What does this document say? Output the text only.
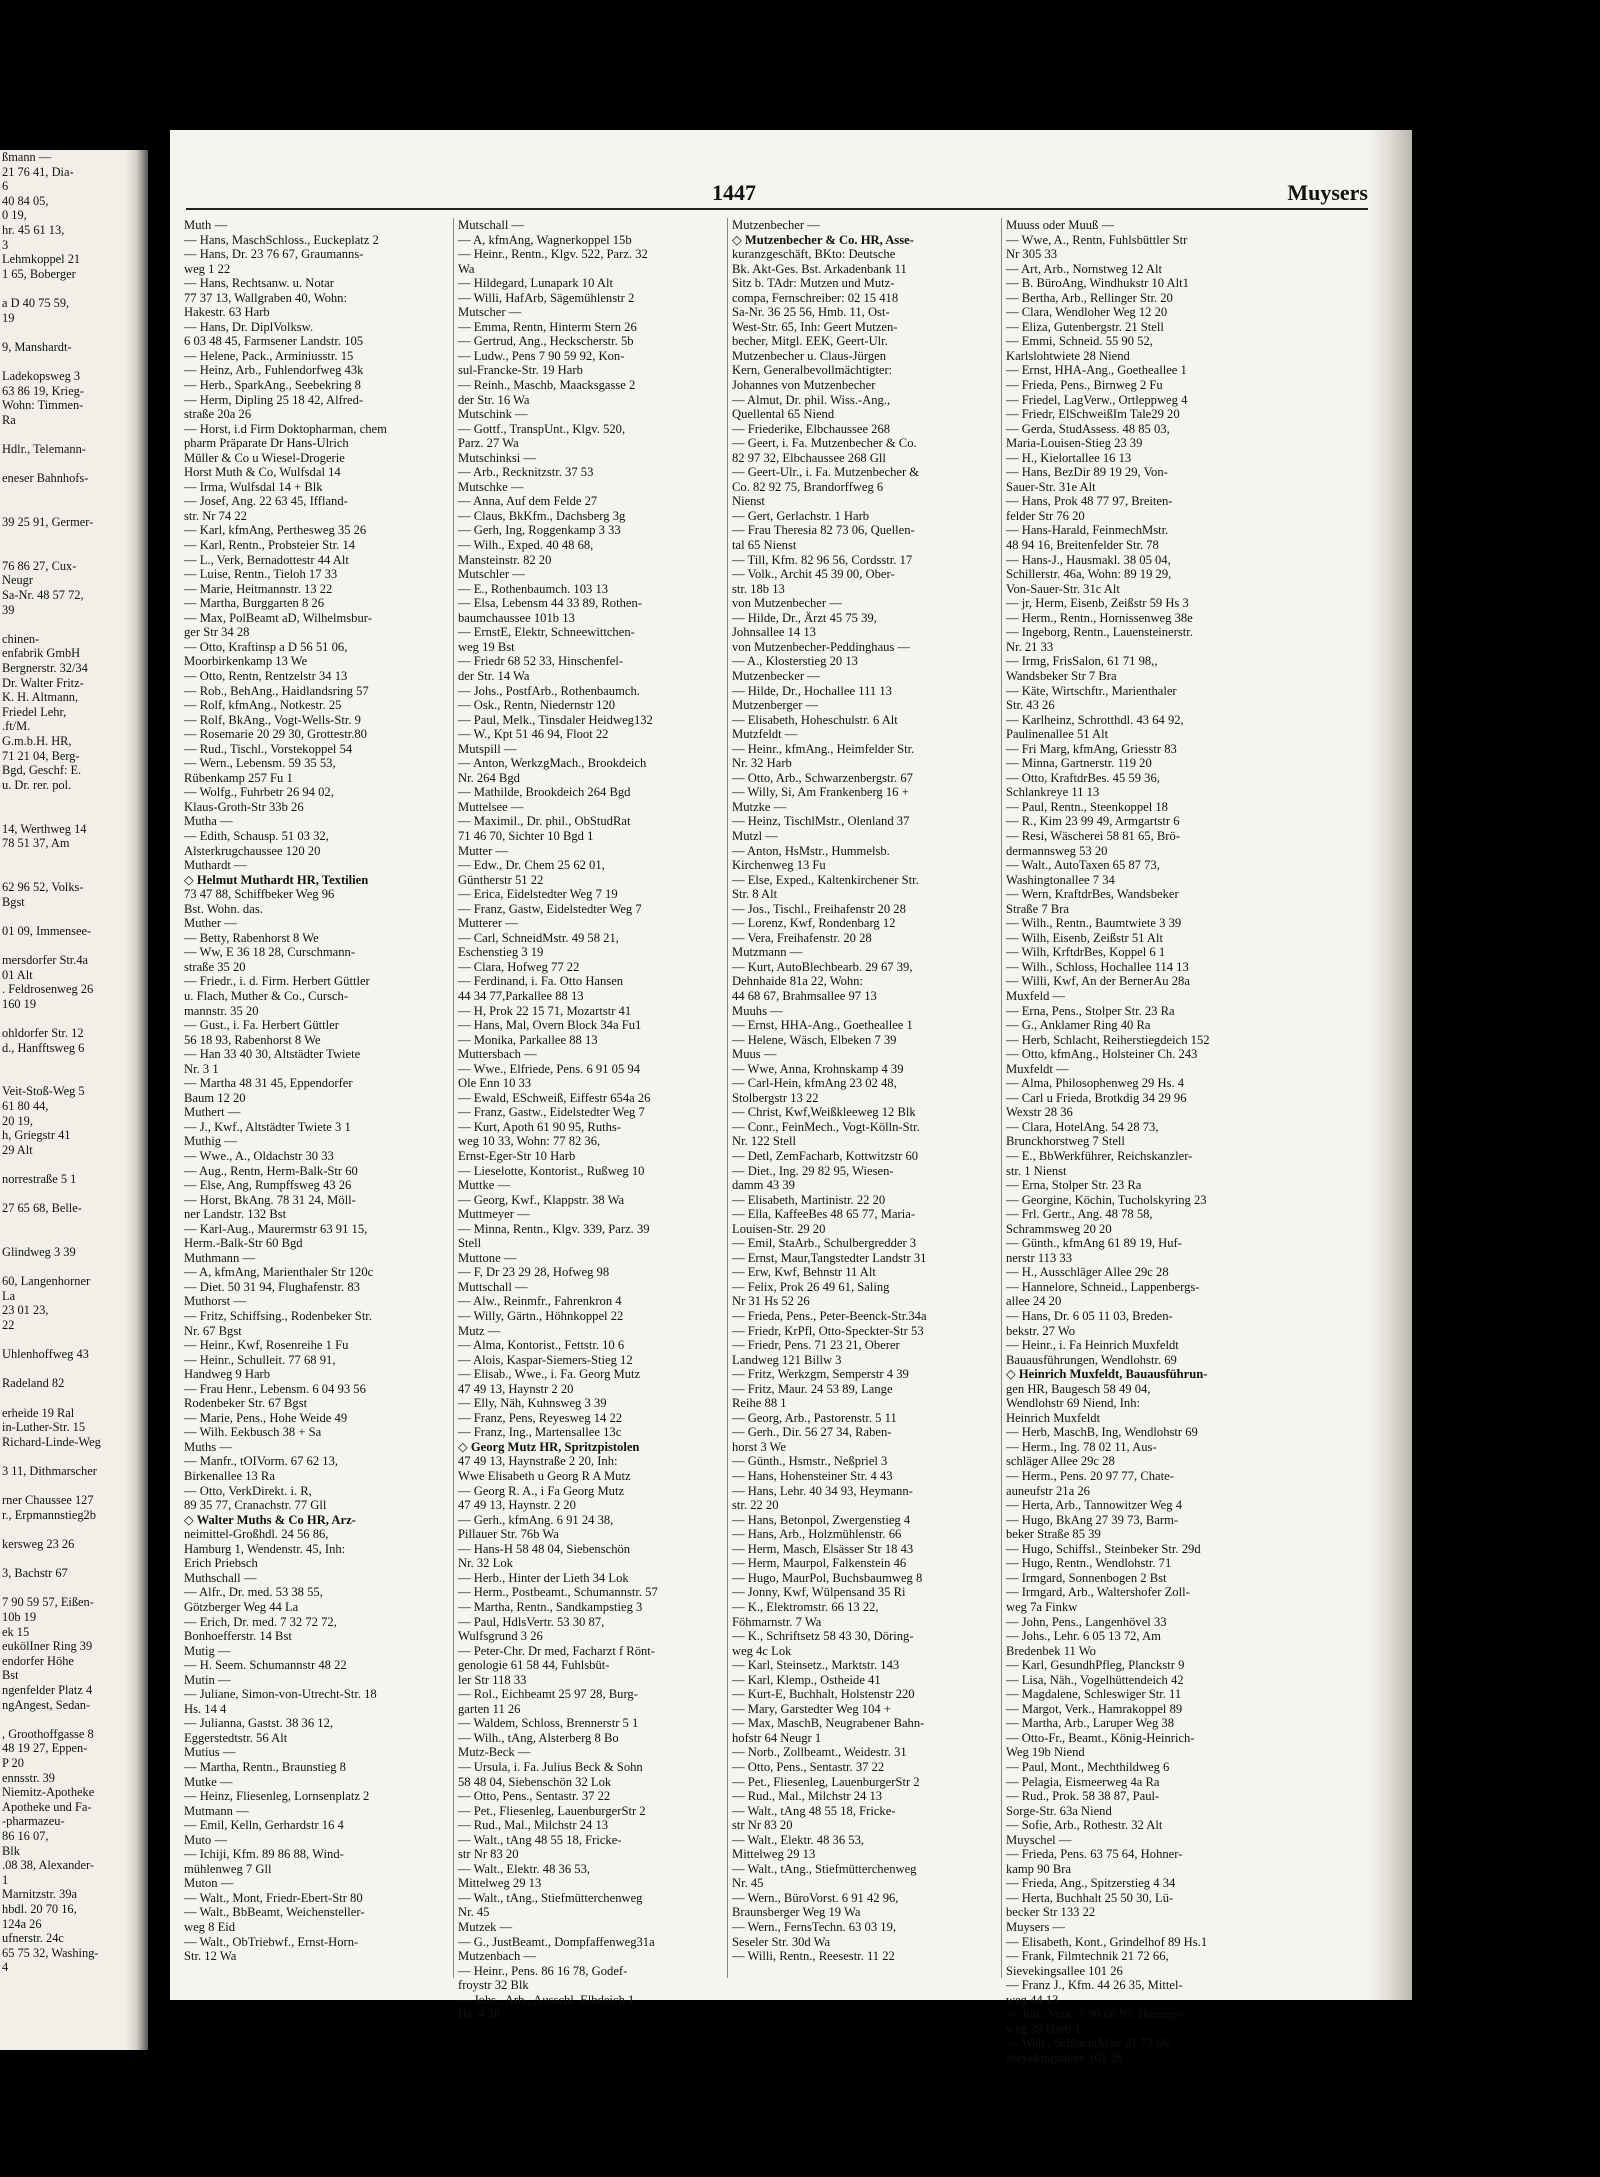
ßmann —
21 76 41, Dia-
6
40 84 05,
0 19,
hr. 45 61 13,
3
Lehmkoppel 21
1 65, Boberger
a D 40 75 59,
19
9, Manshardt-
Ladekopsweg 3
63 86 19, Krieg-
Wohn: Timmen-
Ra
Hdlr., Telemann-
eneser Bahnhofs-
39 25 91, Germer-
76 86 27, Cux-
Neugr
Sa-Nr. 48 57 72,
39
chinen-
enfabrik GmbH
Bergnerstr. 32/34
Dr. Walter Fritz-
K. H. Altmann,
Friedel Lehr,
.ft/M.
G.m.b.H. HR,
71 21 04, Berg-
Bgd, Geschf: E.
u. Dr. rer. pol.
14, Werthweg 14
78 51 37, Am
62 96 52, Volks-
Bgst
01 09, Immensee-
mersdorfer Str.4a
01 Alt
. Feldrosenweg 26
160 19
ohldorfer Str. 12
d., Hanfftsweg 6
Veit-Stoß-Weg 5
61 80 44,
20 19,
h, Griegstr 41
29 Alt
norrestraße 5 1
27 65 68, Belle-
Glindweg 3 39
60, Langenhorner
La
23 01 23,
22
Uhlenhoffweg 43
Radeland 82
erheide 19 Ral
in-Luther-Str. 15
Richard-Linde-Weg
3 11, Dithmarscher
rner Chaussee 127
r., Erpmannstieg2b
kersweg 23 26
3, Bachstr 67
7 90 59 57, Eißen-
10b 19
ek 15
eukölIner Ring 39
endorfer Höhe
Bst
ngenfelder Platz 4
ngAngest, Sedan-
, Groothoffgasse 8
48 19 27, Eppen-
P 20
ennsstr. 39
Niemitz-Apotheke
Apotheke und Fa-
-pharmazeu-
86 16 07,
Blk
.08 38, Alexander-
1
Marnitzstr. 39a
hbdl. 20 70 16,
124a 26
ufnerstr. 24c
65 75 32, Washing-
4
1447	Muysers
Muth —
— Hans, MaschSchloss., Euckeplatz 2
— Hans, Dr. 23 76 67, Graumanns-
weg 1 22
— Hans, Rechtsanw. u. Notar
77 37 13, Wallgraben 40, Wohn:
Hakestr. 63 Harb
— Hans, Dr. DiplVolksw.
6 03 48 45, Farmsener Landstr. 105
— Helene, Pack., Arminiusstr. 15
— Heinz, Arb., Fuhlendorfweg 43k
— Herb., SparkAng., Seebekring 8
— Herm, Dipling 25 18 42, Alfred-
straße 20a 26
— Horst, i.d Firm Doktopharman, chem
pharm Präparate Dr Hans-Ulrich
Müller & Co u Wiesel-Drogerie
Horst Muth & Co, Wulfsdal 14
— Irma, Wulfsdal 14 + Blk
— Josef, Ang. 22 63 45, Iffland-
str. Nr 74 22
— Karl, kfmAng, Perthesweg 35 26
— Karl, Rentn., Probsteier Str. 14
— L., Verk, Bernadottestr 44 Alt
— Luise, Rentn., Tieloh 17 33
— Marie, Heitmannstr. 13 22
— Martha, Burggarten 8 26
— Max, PolBeamt aD, Wilhelmsbur-
ger Str 34 28
— Otto, Kraftinsp a D 56 51 06,
Moorbirkenkamp 13 We
— Otto, Rentn, Rentzelstr 34 13
— Rob., BehAng., Haidlandsring 57
— Rolf, kfmAng., Notkestr. 25
— Rolf, BkAng., Vogt-Wells-Str. 9
— Rosemarie 20 29 30, Grottestr.80
— Rud., Tischl., Vorstekoppel 54
— Wern., Lebensm. 59 35 53,
Rübenkamp 257 Fu 1
— Wolfg., Fuhrbetr 26 94 02,
Klaus-Groth-Str 33b 26
Mutha —
— Edith, Schausp. 51 03 32,
Alsterkrugchaussee 120 20
Muthardt —
◇ Helmut Muthardt HR, Textilien
73 47 88, Schiffbeker Weg 96
Bst. Wohn. das.
Muther —
— Betty, Rabenhorst 8 We
— Ww, E 36 18 28, Curschmann-
straße 35 20
— Friedr., i. d. Firm. Herbert Güttler
u. Flach, Muther & Co., Cursch-
mannstr. 35 20
— Gust., i. Fa. Herbert Güttler
56 18 93, Rabenhorst 8 We
— Han 33 40 30, Altstädter Twiete
Nr. 3 1
— Martha 48 31 45, Eppendorfer
Baum 12 20
Muthert —
— J., Kwf., Altstädter Twiete 3 1
Muthig —
— Wwe., A., Oldachstr 30 33
— Aug., Rentn, Herm-Balk-Str 60
— Else, Ang, Rumpffsweg 43 26
— Horst, BkAng. 78 31 24, Möll-
ner Landstr. 132 Bst
— Karl-Aug., Maurermstr 63 91 15,
Herm.-Balk-Str 60 Bgd
Muthmann —
— A, kfmAng, Marienthaler Str 120c
— Diet. 50 31 94, Flughafenstr. 83
Muthorst —
— Fritz, Schiffsing., Rodenbeker Str.
Nr. 67 Bgst
— Heinr., Kwf, Rosenreihe 1 Fu
— Heinr., Schulleit. 77 68 91,
Handweg 9 Harb
— Frau Henr., Lebensm. 6 04 93 56
Rodenbeker Str. 67 Bgst
— Marie, Pens., Hohe Weide 49
— Wilh. Eekbusch 38 + Sa
Muths —
— Manfr., tOIVorm. 67 62 13,
Birkenallee 13 Ra
— Otto, VerkDirekt. i. R,
89 35 77, Cranachstr. 77 Gll
◇ Walter Muths & Co HR, Arz-
neimittel-Großhdl. 24 56 86,
Hamburg 1, Wendenstr. 45, Inh:
Erich Priebsch
Muthschall —
— Alfr., Dr. med. 53 38 55,
Götzberger Weg 44 La
— Erich, Dr. med. 7 32 72 72,
Bonhoefferstr. 14 Bst
Mutig —
— H. Seem. Schumannstr 48 22
Mutin —
— Juliane, Simon-von-Utrecht-Str. 18
Hs. 14 4
— Julianna, Gastst. 38 36 12,
Eggerstedtstr. 56 Alt
Mutius —
— Martha, Rentn., Braunstieg 8
Mutke —
— Heinz, Fliesenleg, Lornsenplatz 2
Mutmann —
— Emil, Kelln, Gerhardstr 16 4
Muto —
— Ichiji, Kfm. 89 86 88, Wind-
mühlenweg 7 Gll
Muton —
— Walt., Mont, Friedr-Ebert-Str 80
— Walt., BbBeamt, Weichensteller-
weg 8 Eid
— Walt., ObTriebwf., Ernst-Horn-
Str. 12 Wa
Mutschall —
— A, kfmAng, Wagnerkoppel 15b
— Heinr., Rentn., Klgv. 522, Parz. 32
Wa
— Hildegard, Lunapark 10 Alt
— Willi, HafArb, Sägemühlenstr 2
Mutscher —
— Emma, Rentn, Hinterm Stern 26
— Gertrud, Ang., Heckscherstr. 5b
— Ludw., Pens 7 90 59 92, Kon-
sul-Francke-Str. 19 Harb
— Reinh., Maschb, Maacksgasse 2
der Str. 16 Wa
Mutschink —
— Gottf., TranspUnt., Klgv. 520,
Parz. 27 Wa
Mutschinksi —
— Arb., Recknitzstr. 37 53
Mutschke —
— Anna, Auf dem Felde 27
— Claus, BkKfm., Dachsberg 3g
— Gerh, Ing, Roggenkamp 3 33
— Wilh., Exped. 40 48 68,
Mansteinstr. 82 20
Mutschler —
— E., Rothenbaumch. 103 13
— Elsa, Lebensm 44 33 89, Rothen-
baumchaussee 101b 13
— ErnstE, Elektr, Schneewittchen-
weg 19 Bst
— Friedr 68 52 33, Hinschenfel-
der Str. 14 Wa
— Johs., PostfArb., Rothenbaumch.
— Osk., Rentn, Niedernstr 120
— Paul, Melk., Tinsdaler Heidweg132
— W., Kpt 51 46 94, Floot 22
Mutspill —
— Anton, WerkzgMach., Brookdeich
Nr. 264 Bgd
— Mathilde, Brookdeich 264 Bgd
Muttelsee —
— Maximil., Dr. phil., ObStudRat
71 46 70, Sichter 10 Bgd 1
Mutter —
— Edw., Dr. Chem 25 62 01,
Güntherstr 51 22
— Erica, Eidelstedter Weg 7 19
— Franz, Gastw, Eidelstedter Weg 7
Mutterer —
— Carl, SchneidMstr. 49 58 21,
Eschenstieg 3 19
— Clara, Hofweg 77 22
— Ferdinand, i. Fa. Otto Hansen
44 34 77,Parkallee 88 13
— H, Prok 22 15 71, Mozartstr 41
— Hans, Mal, Overn Block 34a Fu1
— Monika, Parkallee 88 13
Muttersbach —
— Wwe., Elfriede, Pens. 6 91 05 94
Ole Enn 10 33
— Ewald, ESchweiß, Eiffestr 654a 26
— Franz, Gastw., Eidelstedter Weg 7
— Kurt, Apoth 61 90 95, Ruths-
weg 10 33, Wohn: 77 82 36,
Ernst-Eger-Str 10 Harb
— Lieselotte, Kontorist., Rußweg 10
Muttke —
— Georg, Kwf., Klappstr. 38 Wa
Muttmeyer —
— Minna, Rentn., Klgv. 339, Parz. 39
Stell
Muttone —
— F, Dr 23 29 28, Hofweg 98
Muttschall —
— Alw., Reinmfr., Fahrenkron 4
— Willy, Gärtn., Höhnkoppel 22
Mutz —
— Alma, Kontorist., Fettstr. 10 6
— Alois, Kaspar-Siemers-Stieg 12
— Elisab., Wwe., i. Fa. Georg Mutz
47 49 13, Haynstr 2 20
— Elly, Näh, Kuhnsweg 3 39
— Franz, Pens, Reyesweg 14 22
— Franz, Ing., Martensallee 13c
◇ Georg Mutz HR, Spritzpistolen
47 49 13, Haynstraße 2 20, Inh:
Wwe Elisabeth u Georg R A Mutz
— Georg R. A., i Fa Georg Mutz
47 49 13, Haynstr. 2 20
— Gerh., kfmAng. 6 91 24 38,
Pillauer Str. 76b Wa
— Hans-H 58 48 04, Siebenschön
Nr. 32 Lok
— Herb., Hinter der Lieth 34 Lok
— Herm., Postbeamt., Schumannstr. 57
— Martha, Rentn., Sandkampstieg 3
— Paul, HdlsVertr. 53 30 87,
Wulfsgrund 3 26
— Peter-Chr. Dr med, Facharzt f Rönt-
genologie 61 58 44, Fuhlsbüt-
ler Str 118 33
— Rol., Eichbeamt 25 97 28, Burg-
garten 11 26
— Waldem, Schloss, Brennerstr 5 1
— Wilh., tAng, Alsterberg 8 Bo
Mutz-Beck —
— Ursula, i. Fa. Julius Beck & Sohn
58 48 04, Siebenschön 32 Lok
— Otto, Pens., Sentastr. 37 22
— Pet., Fliesenleg, LauenburgerStr 2
— Rud., Mal., Milchstr 24 13
— Walt., tAng 48 55 18, Fricke-
str Nr 83 20
— Walt., Elektr. 48 36 53,
Mittelweg 29 13
— Walt., tAng., Stiefmütterchenweg
Nr. 45
Mutzek —
— G., JustBeamt., Dompfaffenweg31a
Mutzenbach —
— Heinr., Pens. 86 16 78, Godef-
froystr 32 Blk
— Johs., Arb., Ausschl. Elbdeich 1
Hs. 4 28
Mutzenbecher —
◇ Mutzenbecher & Co. HR, Asse-
kuranzgeschäft, BKto: Deutsche
Bk. Akt-Ges. Bst. Arkadenbank 11
Sitz b. TAdr: Mutzen und Mutz-
compa, Fernschreiber: 02 15 418
Sa-Nr. 36 25 56, Hmb. 11, Ost-
West-Str. 65, Inh: Geert Mutzen-
becher, Mitgl. EEK, Geert-Ulr.
Mutzenbecher u. Claus-Jürgen
Kern, Generalbevollmächtigter:
Johannes von Mutzenbecher
— Almut, Dr. phil. Wiss.-Ang.,
Quellental 65 Niend
— Friederike, Elbchaussee 268
— Geert, i. Fa. Mutzenbecher & Co.
82 97 32, Elbchaussee 268 Gll
— Geert-Ulr., i. Fa. Mutzenbecher &
Co. 82 92 75, Brandorffweg 6
Nienst
— Gert, Gerlachstr. 1 Harb
— Frau Theresia 82 73 06, Quellen-
tal 65 Nienst
— Till, Kfm. 82 96 56, Cordsstr. 17
— Volk., Archit 45 39 00, Ober-
str. 18b 13
von Mutzenbecher —
— Hilde, Dr., Ärzt 45 75 39,
Johnsallee 14 13
von Mutzenbecher-Peddinghaus —
— A., Klosterstieg 20 13
Mutzenbecker —
— Hilde, Dr., Hochallee 111 13
Mutzenberger —
— Elisabeth, Hoheschulstr. 6 Alt
Mutzfeldt —
— Heinr., kfmAng., Heimfelder Str.
Nr. 32 Harb
— Otto, Arb., Schwarzenbergstr. 67
— Willy, Si, Am Frankenberg 16 +
Mutzke —
— Heinz, TischlMstr., Olenland 37
Mutzl —
— Anton, HsMstr., Hummelsb.
Kirchenweg 13 Fu
— Else, Exped., Kaltenkirchener Str.
Str. 8 Alt
— Jos., Tischl., Freihafenstr 20 28
— Lorenz, Kwf, Rondenbarg 12
— Vera, Freihafenstr. 20 28
Mutzmann —
— Kurt, AutoBlechbearb. 29 67 39,
Dehnhaide 81a 22, Wohn:
44 68 67, Brahmsallee 97 13
Muuhs —
— Ernst, HHA-Ang., Goetheallee 1
— Helene, Wäsch, Elbeken 7 39
Muus —
— Wwe, Anna, Krohnskamp 4 39
— Carl-Hein, kfmAng 23 02 48,
Stolbergstr 13 22
— Christ, Kwf,Weißkleeweg 12 Blk
— Conr., FeinMech., Vogt-Kölln-Str.
Nr. 122 Stell
— Detl, ZemFacharb, Kottwitzstr 60
— Diet., Ing. 29 82 95, Wiesen-
damm 43 39
— Elisabeth, Martinistr. 22 20
— Ella, KaffeeBes 48 65 77, Maria-
Louisen-Str. 29 20
— Emil, StaArb., Schulbergredder 3
— Ernst, Maur,Tangstedter Landstr 31
— Erw, Kwf, Behnstr 11 Alt
— Felix, Prok 26 49 61, Saling
Nr 31 Hs 52 26
— Frieda, Pens., Peter-Beenck-Str.34a
— Friedr, KrPfl, Otto-Speckter-Str 53
— Friedr, Pens. 71 23 21, Oberer
Landweg 121 Billw 3
— Fritz, Werkzgm, Semperstr 4 39
— Fritz, Maur. 24 53 89, Lange
Reihe 88 1
— Georg, Arb., Pastorenstr. 5 11
— Gerh., Dir. 56 27 34, Raben-
horst 3 We
— Günth., Hsmstr., Neßpriel 3
— Hans, Hohensteiner Str. 4 43
— Hans, Lehr. 40 34 93, Heymann-
str. 22 20
— Hans, Betonpol, Zwergenstieg 4
— Hans, Arb., Holzmühlenstr. 66
— Herm, Masch, Elsässer Str 18 43
— Herm, Maurpol, Falkenstein 46
— Hugo, MaurPol, Buchsbaumweg 8
— Jonny, Kwf, Wülpensand 35 Ri
— K., Elektromstr. 66 13 22,
Föhmarnstr. 7 Wa
— K., Schriftsetz 58 43 30, Döring-
weg 4c Lok
— Karl, Steinsetz., Marktstr. 143
— Karl, Klemp., Ostheide 41
— Kurt-E, Buchhalt, Holstenstr 220
— Mary, Garstedter Weg 104 +
— Max, MaschB, Neugrabener Bahn-
hofstr 64 Neugr 1
— Norb., Zollbeamt., Weidestr. 31
— Otto, Pens., Sentastr. 37 22
— Pet., Fliesenleg, LauenburgerStr 2
— Rud., Mal., Milchstr 24 13
— Walt., tAng 48 55 18, Fricke-
str Nr 83 20
— Walt., Elektr. 48 36 53,
Mittelweg 29 13
— Walt., tAng., Stiefmütterchenweg
Nr. 45
— Wern., BüroVorst. 6 91 42 96,
Braunsberger Weg 19 Wa
— Wern., FernsTechn. 63 03 19,
Seseler Str. 30d Wa
— Willi, Rentn., Reesestr. 11 22
Muuss oder Muuß —
— Wwe, A., Rentn, Fuhlsbüttler Str
Nr 305 33
— Art, Arb., Nornstweg 12 Alt
— B. BüroAng, Windhukstr 10 Alt1
— Bertha, Arb., Rellinger Str. 20
— Clara, Wendloher Weg 12 20
— Eliza, Gutenbergstr. 21 Stell
— Emmi, Schneid. 55 90 52,
Karlslohtwiete 28 Niend
— Ernst, HHA-Ang., Goetheallee 1
— Frieda, Pens., Birnweg 2 Fu
— Friedel, LagVerw., Ortleppweg 4
— Friedr, ElSchweißIm Tale29 20
— Gerda, StudAssess. 48 85 03,
Maria-Louisen-Stieg 23 39
— H., Kielortallee 16 13
— Hans, BezDir 89 19 29, Von-
Sauer-Str. 31e Alt
— Hans, Prok 48 77 97, Breiten-
felder Str 76 20
— Hans-Harald, FeinmechMstr.
48 94 16, Breitenfelder Str. 78
— Hans-J., Hausmakl. 38 05 04,
Schillerstr. 46a, Wohn: 89 19 29,
Von-Sauer-Str. 31c Alt
— jr, Herm, Eisenb, Zeißstr 59 Hs 3
— Herm., Rentn., Hornissenweg 38e
— Ingeborg, Rentn., Lauensteinerstr.
Nr. 21 33
— Irmg, FrisSalon, 61 71 98,,
Wandsbeker Str 7 Bra
— Käte, Wirtschftr., Marienthaler
Str. 43 26
— Karlheinz, Schrotthdl. 43 64 92,
Paulinenallee 51 Alt
— Fri Marg, kfmAng, Griesstr 83
— Minna, Gartnerstr. 119 20
— Otto, KraftdrBes. 45 59 36,
Schlankreye 11 13
— Paul, Rentn., Steenkoppel 18
— R., Kim 23 99 49, Armgartstr 6
— Resi, Wäscherei 58 81 65, Brö-
dermannsweg 53 20
— Walt., AutoTaxen 65 87 73,
Washingtonallee 7 34
— Wern, KraftdrBes, Wandsbeker
Straße 7 Bra
— Wilh., Rentn., Baumtwiete 3 39
— Wilh, Eisenb, Zeißstr 51 Alt
— Wilh, KrftdrBes, Koppel 6 1
— Wilh., Schloss, Hochallee 114 13
— Willi, Kwf, An der BernerAu 28a
Muxfeld —
— Erna, Pens., Stolper Str. 23 Ra
— G., Anklamer Ring 40 Ra
— Herb, Schlacht, Reiherstiegdeich 152
— Otto, kfmAng., Holsteiner Ch. 243
Muxfeldt —
— Alma, Philosophenweg 29 Hs. 4
— Carl u Frieda, Brotkdig 34 29 96
Wexstr 28 36
— Clara, HotelAng. 54 28 73,
Brunckhorstweg 7 Stell
— E., BbWerkführer, Reichskanzler-
str. 1 Nienst
— Erna, Stolper Str. 23 Ra
— Georgine, Köchin, Tucholskyring 23
— Frl. Gertr., Ang. 48 78 58,
Schrammsweg 20 20
— Günth., kfmAng 61 89 19, Huf-
nerstr 113 33
— H., Ausschläger Allee 29c 28
— Hannelore, Schneid., Lappenbergs-
allee 24 20
— Hans, Dr. 6 05 11 03, Breden-
bekstr. 27 Wo
— Heinr., i. Fa Heinrich Muxfeldt
Bauausführungen, Wendlohstr. 69
◇ Heinrich Muxfeldt, Bauausführun-
gen HR, Baugesch 58 49 04,
Wendlohstr 69 Niend, Inh:
Heinrich Muxfeldt
— Herb, MaschB, Ing, Wendlohstr 69
— Herm., Ing. 78 02 11, Aus-
schläger Allee 29c 28
— Herm., Pens. 20 97 77, Chate-
auneufstr 21a 26
— Herta, Arb., Tannowitzer Weg 4
— Hugo, BkAng 27 39 73, Barm-
beker Straße 85 39
— Hugo, Schiffsl., Steinbeker Str. 29d
— Hugo, Rentn., Wendlohstr. 71
— Irmgard, Sonnenbogen 2 Bst
— Irmgard, Arb., Waltershofer Zoll-
weg 7a Finkw
— John, Pens., Langenhövel 33
— Johs., Lehr. 6 05 13 72, Am
Bredenbek 11 Wo
— Karl, GesundhPfleg, Planckstr 9
— Lisa, Näh., Vogelhüttendeich 42
— Magdalene, Schleswiger Str. 11
— Margot, Verk., Hamrakoppel 89
— Martha, Arb., Laruper Weg 38
— Otto-Fr., Beamt., König-Heinrich-
Weg 19b Niend
— Paul, Mont., Mechthildweg 6
— Pelagia, Eismeerweg 4a Ra
— Rud., Prok. 58 38 87, Paul-
Sorge-Str. 63a Niend
— Sofie, Arb., Rothestr. 32 Alt
Muyschel —
— Frieda, Pens. 63 75 64, Hohner-
kamp 90 Bra
— Frieda, Ang., Spitzerstieg 4 34
— Herta, Buchhalt 25 50 30, Lü-
becker Str 133 22
Muysers —
— Elisabeth, Kont., Grindelhof 89 Hs.1
— Frank, Filmtechnik 21 72 66,
Sievekingsallee 101 26
— Franz J., Kfm. 44 26 35, Mittel-
weg 44 13
— Joh., Verk. 7 90 66 97, Hermes-
weg 39 Harb 1
— Walt., SchlachtMstr 21 72 66,
Sievekingsallee 101 26
